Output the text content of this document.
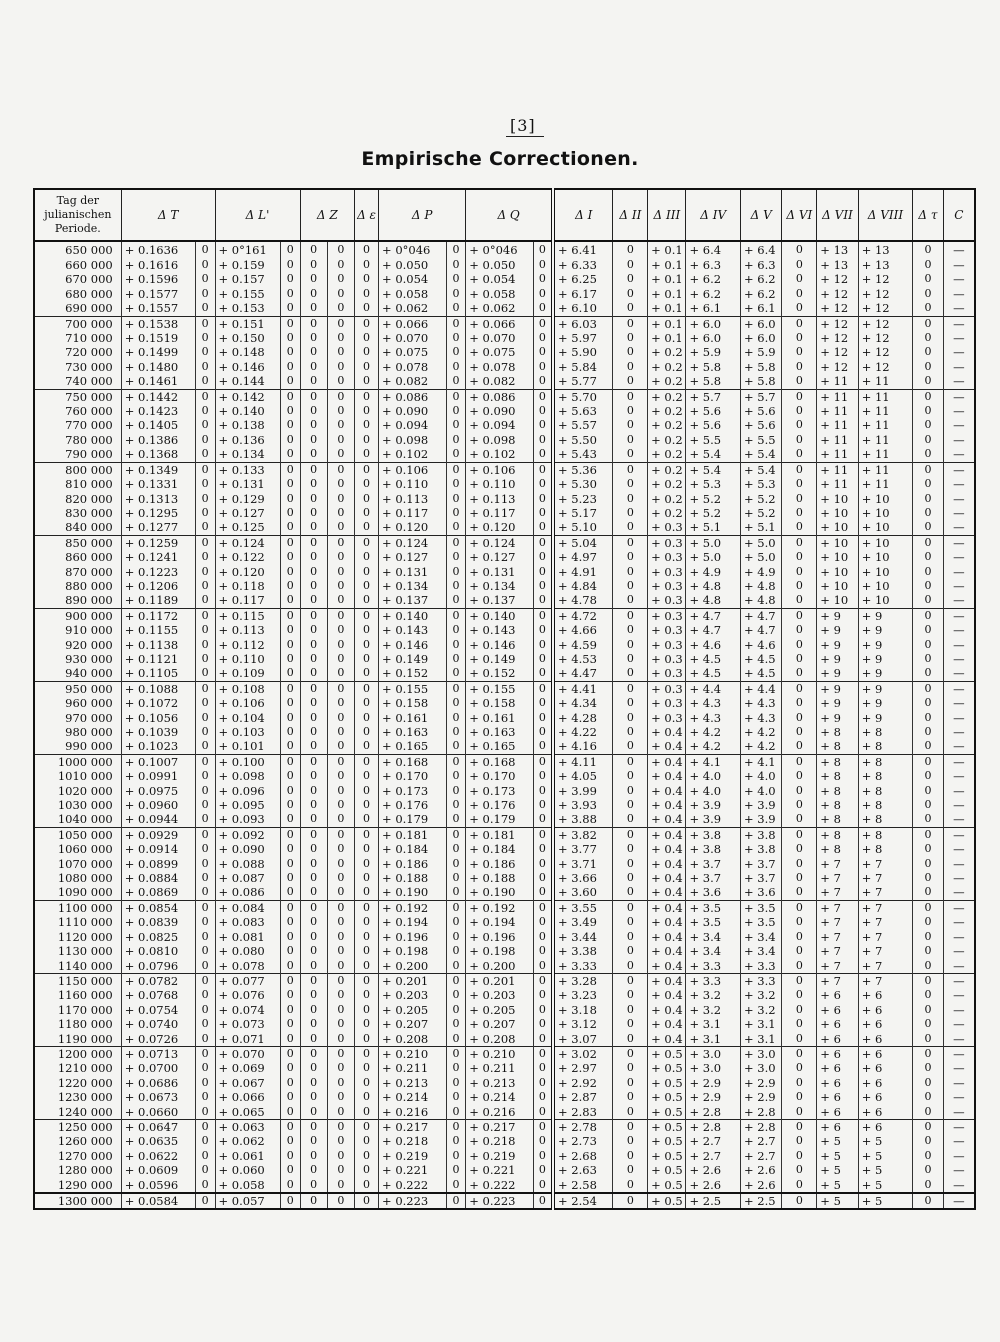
[3]
Empirische Correctionen.
Tag der julianischen Periode.	Δ T		Δ L'		Δ Z		Δ ε	Δ P		Δ Q		Δ I	Δ II	Δ III	Δ IV	Δ V	Δ VI	Δ VII	Δ VIII	Δ τ	C
650 000	+ 0.1636	0	+ 0°161	0	0	0	0	+ 0°046	0	+ 0°046	0	+ 6.41	0	+ 0.1	+ 6.4	+ 6.4	0	+ 13	+ 13	0	—
660 000	+ 0.1616	0	+ 0.159	0	0	0	0	+ 0.050	0	+ 0.050	0	+ 6.33	0	+ 0.1	+ 6.3	+ 6.3	0	+ 13	+ 13	0	—
670 000	+ 0.1596	0	+ 0.157	0	0	0	0	+ 0.054	0	+ 0.054	0	+ 6.25	0	+ 0.1	+ 6.2	+ 6.2	0	+ 12	+ 12	0	—
680 000	+ 0.1577	0	+ 0.155	0	0	0	0	+ 0.058	0	+ 0.058	0	+ 6.17	0	+ 0.1	+ 6.2	+ 6.2	0	+ 12	+ 12	0	—
690 000	+ 0.1557	0	+ 0.153	0	0	0	0	+ 0.062	0	+ 0.062	0	+ 6.10	0	+ 0.1	+ 6.1	+ 6.1	0	+ 12	+ 12	0	—
700 000	+ 0.1538	0	+ 0.151	0	0	0	0	+ 0.066	0	+ 0.066	0	+ 6.03	0	+ 0.1	+ 6.0	+ 6.0	0	+ 12	+ 12	0	—
710 000	+ 0.1519	0	+ 0.150	0	0	0	0	+ 0.070	0	+ 0.070	0	+ 5.97	0	+ 0.1	+ 6.0	+ 6.0	0	+ 12	+ 12	0	—
720 000	+ 0.1499	0	+ 0.148	0	0	0	0	+ 0.075	0	+ 0.075	0	+ 5.90	0	+ 0.2	+ 5.9	+ 5.9	0	+ 12	+ 12	0	—
730 000	+ 0.1480	0	+ 0.146	0	0	0	0	+ 0.078	0	+ 0.078	0	+ 5.84	0	+ 0.2	+ 5.8	+ 5.8	0	+ 12	+ 12	0	—
740 000	+ 0.1461	0	+ 0.144	0	0	0	0	+ 0.082	0	+ 0.082	0	+ 5.77	0	+ 0.2	+ 5.8	+ 5.8	0	+ 11	+ 11	0	—
750 000	+ 0.1442	0	+ 0.142	0	0	0	0	+ 0.086	0	+ 0.086	0	+ 5.70	0	+ 0.2	+ 5.7	+ 5.7	0	+ 11	+ 11	0	—
760 000	+ 0.1423	0	+ 0.140	0	0	0	0	+ 0.090	0	+ 0.090	0	+ 5.63	0	+ 0.2	+ 5.6	+ 5.6	0	+ 11	+ 11	0	—
770 000	+ 0.1405	0	+ 0.138	0	0	0	0	+ 0.094	0	+ 0.094	0	+ 5.57	0	+ 0.2	+ 5.6	+ 5.6	0	+ 11	+ 11	0	—
780 000	+ 0.1386	0	+ 0.136	0	0	0	0	+ 0.098	0	+ 0.098	0	+ 5.50	0	+ 0.2	+ 5.5	+ 5.5	0	+ 11	+ 11	0	—
790 000	+ 0.1368	0	+ 0.134	0	0	0	0	+ 0.102	0	+ 0.102	0	+ 5.43	0	+ 0.2	+ 5.4	+ 5.4	0	+ 11	+ 11	0	—
800 000	+ 0.1349	0	+ 0.133	0	0	0	0	+ 0.106	0	+ 0.106	0	+ 5.36	0	+ 0.2	+ 5.4	+ 5.4	0	+ 11	+ 11	0	—
810 000	+ 0.1331	0	+ 0.131	0	0	0	0	+ 0.110	0	+ 0.110	0	+ 5.30	0	+ 0.2	+ 5.3	+ 5.3	0	+ 11	+ 11	0	—
820 000	+ 0.1313	0	+ 0.129	0	0	0	0	+ 0.113	0	+ 0.113	0	+ 5.23	0	+ 0.2	+ 5.2	+ 5.2	0	+ 10	+ 10	0	—
830 000	+ 0.1295	0	+ 0.127	0	0	0	0	+ 0.117	0	+ 0.117	0	+ 5.17	0	+ 0.2	+ 5.2	+ 5.2	0	+ 10	+ 10	0	—
840 000	+ 0.1277	0	+ 0.125	0	0	0	0	+ 0.120	0	+ 0.120	0	+ 5.10	0	+ 0.3	+ 5.1	+ 5.1	0	+ 10	+ 10	0	—
850 000	+ 0.1259	0	+ 0.124	0	0	0	0	+ 0.124	0	+ 0.124	0	+ 5.04	0	+ 0.3	+ 5.0	+ 5.0	0	+ 10	+ 10	0	—
860 000	+ 0.1241	0	+ 0.122	0	0	0	0	+ 0.127	0	+ 0.127	0	+ 4.97	0	+ 0.3	+ 5.0	+ 5.0	0	+ 10	+ 10	0	—
870 000	+ 0.1223	0	+ 0.120	0	0	0	0	+ 0.131	0	+ 0.131	0	+ 4.91	0	+ 0.3	+ 4.9	+ 4.9	0	+ 10	+ 10	0	—
880 000	+ 0.1206	0	+ 0.118	0	0	0	0	+ 0.134	0	+ 0.134	0	+ 4.84	0	+ 0.3	+ 4.8	+ 4.8	0	+ 10	+ 10	0	—
890 000	+ 0.1189	0	+ 0.117	0	0	0	0	+ 0.137	0	+ 0.137	0	+ 4.78	0	+ 0.3	+ 4.8	+ 4.8	0	+ 10	+ 10	0	—
900 000	+ 0.1172	0	+ 0.115	0	0	0	0	+ 0.140	0	+ 0.140	0	+ 4.72	0	+ 0.3	+ 4.7	+ 4.7	0	+ 9	+ 9	0	—
910 000	+ 0.1155	0	+ 0.113	0	0	0	0	+ 0.143	0	+ 0.143	0	+ 4.66	0	+ 0.3	+ 4.7	+ 4.7	0	+ 9	+ 9	0	—
920 000	+ 0.1138	0	+ 0.112	0	0	0	0	+ 0.146	0	+ 0.146	0	+ 4.59	0	+ 0.3	+ 4.6	+ 4.6	0	+ 9	+ 9	0	—
930 000	+ 0.1121	0	+ 0.110	0	0	0	0	+ 0.149	0	+ 0.149	0	+ 4.53	0	+ 0.3	+ 4.5	+ 4.5	0	+ 9	+ 9	0	—
940 000	+ 0.1105	0	+ 0.109	0	0	0	0	+ 0.152	0	+ 0.152	0	+ 4.47	0	+ 0.3	+ 4.5	+ 4.5	0	+ 9	+ 9	0	—
950 000	+ 0.1088	0	+ 0.108	0	0	0	0	+ 0.155	0	+ 0.155	0	+ 4.41	0	+ 0.3	+ 4.4	+ 4.4	0	+ 9	+ 9	0	—
960 000	+ 0.1072	0	+ 0.106	0	0	0	0	+ 0.158	0	+ 0.158	0	+ 4.34	0	+ 0.3	+ 4.3	+ 4.3	0	+ 9	+ 9	0	—
970 000	+ 0.1056	0	+ 0.104	0	0	0	0	+ 0.161	0	+ 0.161	0	+ 4.28	0	+ 0.3	+ 4.3	+ 4.3	0	+ 9	+ 9	0	—
980 000	+ 0.1039	0	+ 0.103	0	0	0	0	+ 0.163	0	+ 0.163	0	+ 4.22	0	+ 0.4	+ 4.2	+ 4.2	0	+ 8	+ 8	0	—
990 000	+ 0.1023	0	+ 0.101	0	0	0	0	+ 0.165	0	+ 0.165	0	+ 4.16	0	+ 0.4	+ 4.2	+ 4.2	0	+ 8	+ 8	0	—
1000 000	+ 0.1007	0	+ 0.100	0	0	0	0	+ 0.168	0	+ 0.168	0	+ 4.11	0	+ 0.4	+ 4.1	+ 4.1	0	+ 8	+ 8	0	—
1010 000	+ 0.0991	0	+ 0.098	0	0	0	0	+ 0.170	0	+ 0.170	0	+ 4.05	0	+ 0.4	+ 4.0	+ 4.0	0	+ 8	+ 8	0	—
1020 000	+ 0.0975	0	+ 0.096	0	0	0	0	+ 0.173	0	+ 0.173	0	+ 3.99	0	+ 0.4	+ 4.0	+ 4.0	0	+ 8	+ 8	0	—
1030 000	+ 0.0960	0	+ 0.095	0	0	0	0	+ 0.176	0	+ 0.176	0	+ 3.93	0	+ 0.4	+ 3.9	+ 3.9	0	+ 8	+ 8	0	—
1040 000	+ 0.0944	0	+ 0.093	0	0	0	0	+ 0.179	0	+ 0.179	0	+ 3.88	0	+ 0.4	+ 3.9	+ 3.9	0	+ 8	+ 8	0	—
1050 000	+ 0.0929	0	+ 0.092	0	0	0	0	+ 0.181	0	+ 0.181	0	+ 3.82	0	+ 0.4	+ 3.8	+ 3.8	0	+ 8	+ 8	0	—
1060 000	+ 0.0914	0	+ 0.090	0	0	0	0	+ 0.184	0	+ 0.184	0	+ 3.77	0	+ 0.4	+ 3.8	+ 3.8	0	+ 8	+ 8	0	—
1070 000	+ 0.0899	0	+ 0.088	0	0	0	0	+ 0.186	0	+ 0.186	0	+ 3.71	0	+ 0.4	+ 3.7	+ 3.7	0	+ 7	+ 7	0	—
1080 000	+ 0.0884	0	+ 0.087	0	0	0	0	+ 0.188	0	+ 0.188	0	+ 3.66	0	+ 0.4	+ 3.7	+ 3.7	0	+ 7	+ 7	0	—
1090 000	+ 0.0869	0	+ 0.086	0	0	0	0	+ 0.190	0	+ 0.190	0	+ 3.60	0	+ 0.4	+ 3.6	+ 3.6	0	+ 7	+ 7	0	—
1100 000	+ 0.0854	0	+ 0.084	0	0	0	0	+ 0.192	0	+ 0.192	0	+ 3.55	0	+ 0.4	+ 3.5	+ 3.5	0	+ 7	+ 7	0	—
1110 000	+ 0.0839	0	+ 0.083	0	0	0	0	+ 0.194	0	+ 0.194	0	+ 3.49	0	+ 0.4	+ 3.5	+ 3.5	0	+ 7	+ 7	0	—
1120 000	+ 0.0825	0	+ 0.081	0	0	0	0	+ 0.196	0	+ 0.196	0	+ 3.44	0	+ 0.4	+ 3.4	+ 3.4	0	+ 7	+ 7	0	—
1130 000	+ 0.0810	0	+ 0.080	0	0	0	0	+ 0.198	0	+ 0.198	0	+ 3.38	0	+ 0.4	+ 3.4	+ 3.4	0	+ 7	+ 7	0	—
1140 000	+ 0.0796	0	+ 0.078	0	0	0	0	+ 0.200	0	+ 0.200	0	+ 3.33	0	+ 0.4	+ 3.3	+ 3.3	0	+ 7	+ 7	0	—
1150 000	+ 0.0782	0	+ 0.077	0	0	0	0	+ 0.201	0	+ 0.201	0	+ 3.28	0	+ 0.4	+ 3.3	+ 3.3	0	+ 7	+ 7	0	—
1160 000	+ 0.0768	0	+ 0.076	0	0	0	0	+ 0.203	0	+ 0.203	0	+ 3.23	0	+ 0.4	+ 3.2	+ 3.2	0	+ 6	+ 6	0	—
1170 000	+ 0.0754	0	+ 0.074	0	0	0	0	+ 0.205	0	+ 0.205	0	+ 3.18	0	+ 0.4	+ 3.2	+ 3.2	0	+ 6	+ 6	0	—
1180 000	+ 0.0740	0	+ 0.073	0	0	0	0	+ 0.207	0	+ 0.207	0	+ 3.12	0	+ 0.4	+ 3.1	+ 3.1	0	+ 6	+ 6	0	—
1190 000	+ 0.0726	0	+ 0.071	0	0	0	0	+ 0.208	0	+ 0.208	0	+ 3.07	0	+ 0.4	+ 3.1	+ 3.1	0	+ 6	+ 6	0	—
1200 000	+ 0.0713	0	+ 0.070	0	0	0	0	+ 0.210	0	+ 0.210	0	+ 3.02	0	+ 0.5	+ 3.0	+ 3.0	0	+ 6	+ 6	0	—
1210 000	+ 0.0700	0	+ 0.069	0	0	0	0	+ 0.211	0	+ 0.211	0	+ 2.97	0	+ 0.5	+ 3.0	+ 3.0	0	+ 6	+ 6	0	—
1220 000	+ 0.0686	0	+ 0.067	0	0	0	0	+ 0.213	0	+ 0.213	0	+ 2.92	0	+ 0.5	+ 2.9	+ 2.9	0	+ 6	+ 6	0	—
1230 000	+ 0.0673	0	+ 0.066	0	0	0	0	+ 0.214	0	+ 0.214	0	+ 2.87	0	+ 0.5	+ 2.9	+ 2.9	0	+ 6	+ 6	0	—
1240 000	+ 0.0660	0	+ 0.065	0	0	0	0	+ 0.216	0	+ 0.216	0	+ 2.83	0	+ 0.5	+ 2.8	+ 2.8	0	+ 6	+ 6	0	—
1250 000	+ 0.0647	0	+ 0.063	0	0	0	0	+ 0.217	0	+ 0.217	0	+ 2.78	0	+ 0.5	+ 2.8	+ 2.8	0	+ 6	+ 6	0	—
1260 000	+ 0.0635	0	+ 0.062	0	0	0	0	+ 0.218	0	+ 0.218	0	+ 2.73	0	+ 0.5	+ 2.7	+ 2.7	0	+ 5	+ 5	0	—
1270 000	+ 0.0622	0	+ 0.061	0	0	0	0	+ 0.219	0	+ 0.219	0	+ 2.68	0	+ 0.5	+ 2.7	+ 2.7	0	+ 5	+ 5	0	—
1280 000	+ 0.0609	0	+ 0.060	0	0	0	0	+ 0.221	0	+ 0.221	0	+ 2.63	0	+ 0.5	+ 2.6	+ 2.6	0	+ 5	+ 5	0	—
1290 000	+ 0.0596	0	+ 0.058	0	0	0	0	+ 0.222	0	+ 0.222	0	+ 2.58	0	+ 0.5	+ 2.6	+ 2.6	0	+ 5	+ 5	0	—
1300 000	+ 0.0584	0	+ 0.057	0	0	0	0	+ 0.223	0	+ 0.223	0	+ 2.54	0	+ 0.5	+ 2.5	+ 2.5	0	+ 5	+ 5	0	—
